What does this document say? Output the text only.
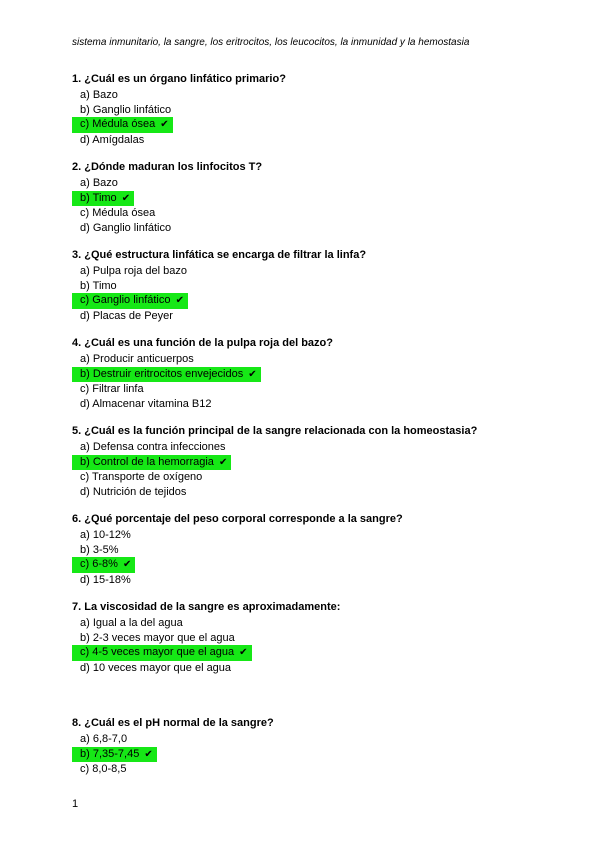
sistema inmunitario, la sangre, los eritrocitos, los leucocitos, la inmunidad y la hemostasia
1. ¿Cuál es un órgano linfático primario?
a) Bazo
b) Ganglio linfático
c) Médula ósea ✔
d) Amígdalas
2. ¿Dónde maduran los linfocitos T?
a) Bazo
b) Timo ✔
c) Médula ósea
d) Ganglio linfático
3. ¿Qué estructura linfática se encarga de filtrar la linfa?
a) Pulpa roja del bazo
b) Timo
c) Ganglio linfático ✔
d) Placas de Peyer
4. ¿Cuál es una función de la pulpa roja del bazo?
a) Producir anticuerpos
b) Destruir eritrocitos envejecidos ✔
c) Filtrar linfa
d) Almacenar vitamina B12
5. ¿Cuál es la función principal de la sangre relacionada con la homeostasia?
a) Defensa contra infecciones
b) Control de la hemorragia ✔
c) Transporte de oxígeno
d) Nutrición de tejidos
6. ¿Qué porcentaje del peso corporal corresponde a la sangre?
a) 10-12%
b) 3-5%
c) 6-8% ✔
d) 15-18%
7. La viscosidad de la sangre es aproximadamente:
a) Igual a la del agua
b) 2-3 veces mayor que el agua
c) 4-5 veces mayor que el agua ✔
d) 10 veces mayor que el agua
8. ¿Cuál es el pH normal de la sangre?
a) 6,8-7,0
b) 7,35-7,45 ✔
c) 8,0-8,5
1
